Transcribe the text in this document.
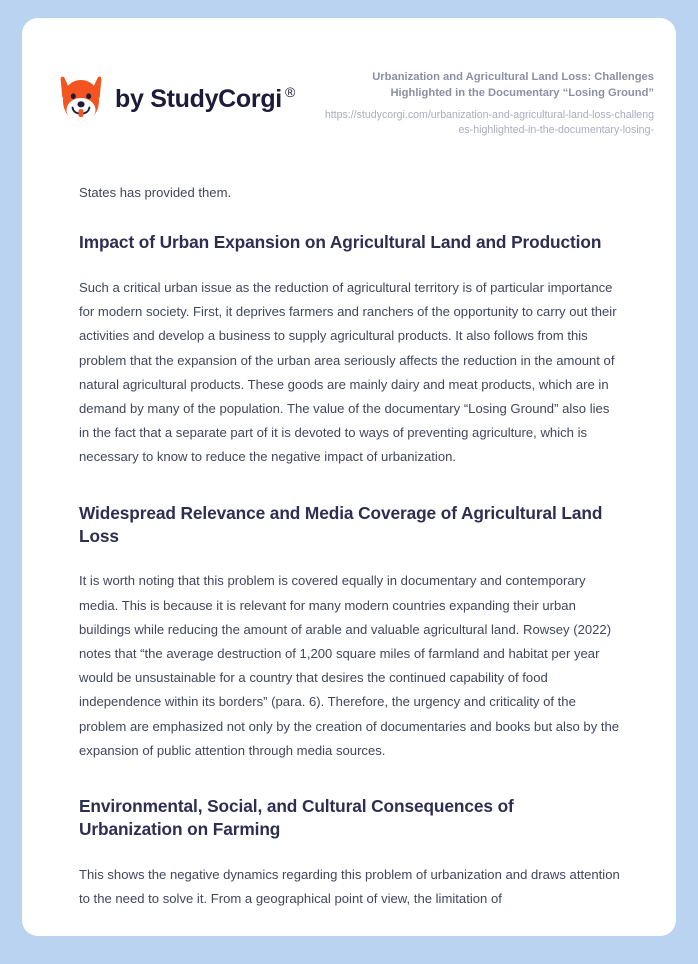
by StudyCorgi ®

Urbanization and Agricultural Land Loss: Challenges Highlighted in the Documentary “Losing Ground”

https://studycorgi.com/urbanization-and-agricultural-land-loss-challenges-highlighted-in-the-documentary-losing-

States has provided them.

Impact of Urban Expansion on Agricultural Land and Production

Such a critical urban issue as the reduction of agricultural territory is of particular importance for modern society. First, it deprives farmers and ranchers of the opportunity to carry out their activities and develop a business to supply agricultural products. It also follows from this problem that the expansion of the urban area seriously affects the reduction in the amount of natural agricultural products. These goods are mainly dairy and meat products, which are in demand by many of the population. The value of the documentary “Losing Ground” also lies in the fact that a separate part of it is devoted to ways of preventing agriculture, which is necessary to know to reduce the negative impact of urbanization.

Widespread Relevance and Media Coverage of Agricultural Land Loss

It is worth noting that this problem is covered equally in documentary and contemporary media. This is because it is relevant for many modern countries expanding their urban buildings while reducing the amount of arable and valuable agricultural land. Rowsey (2022) notes that “the average destruction of 1,200 square miles of farmland and habitat per year would be unsustainable for a country that desires the continued capability of food independence within its borders” (para. 6). Therefore, the urgency and criticality of the problem are emphasized not only by the creation of documentaries and books but also by the expansion of public attention through media sources.

Environmental, Social, and Cultural Consequences of Urbanization on Farming

This shows the negative dynamics regarding this problem of urbanization and draws attention to the need to solve it. From a geographical point of view, the limitation of
